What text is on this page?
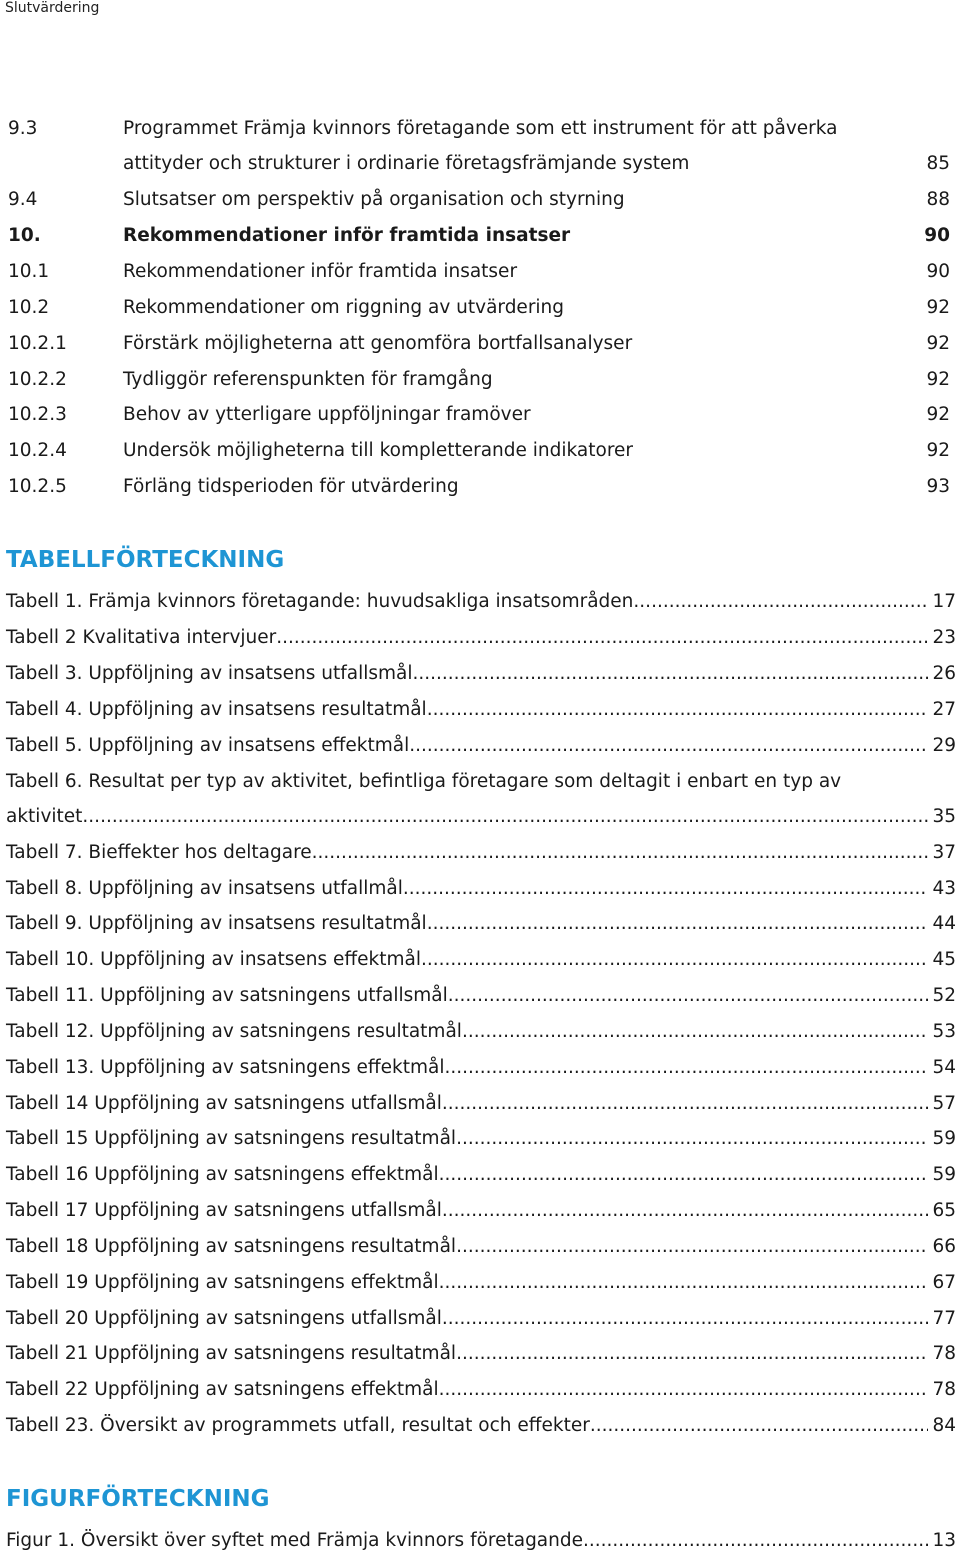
Slutvärdering
9.3	Programmet Främja kvinnors företagande som ett instrument för att påverka
attityder och strukturer i ordinarie företagsfrämjande system	85
9.4	Slutsatser om perspektiv på organisation och styrning	88
10.	Rekommendationer inför framtida insatser	90
10.1	Rekommendationer inför framtida insatser	90
10.2	Rekommendationer om riggning av utvärdering	92
10.2.1	Förstärk möjligheterna att genomföra bortfallsanalyser	92
10.2.2	Tydliggör referenspunkten för framgång	92
10.2.3	Behov av ytterligare uppföljningar framöver	92
10.2.4	Undersök möjligheterna till kompletterande indikatorer	92
10.2.5	Förläng tidsperioden för utvärdering	93
TABELLFÖRTECKNING
Tabell 1. Främja kvinnors företagande: huvudsakliga insatsområden .....	17
Tabell 2 Kvalitativa intervjuer .....	23
Tabell 3. Uppföljning av insatsens utfallsmål .....	26
Tabell 4. Uppföljning av insatsens resultatmål .....	27
Tabell 5. Uppföljning av insatsens effektmål .....	29
Tabell 6. Resultat per typ av aktivitet, befintliga företagare som deltagit i enbart en typ av
aktivitet .....	35
Tabell 7. Bieffekter hos deltagare .....	37
Tabell 8. Uppföljning av insatsens utfallmål .....	43
Tabell 9. Uppföljning av insatsens resultatmål .....	44
Tabell 10. Uppföljning av insatsens effektmål .....	45
Tabell 11. Uppföljning av satsningens utfallsmål .....	52
Tabell 12. Uppföljning av satsningens resultatmål .....	53
Tabell 13. Uppföljning av satsningens effektmål .....	54
Tabell 14 Uppföljning av satsningens utfallsmål .....	57
Tabell 15 Uppföljning av satsningens resultatmål .....	59
Tabell 16 Uppföljning av satsningens effektmål .....	59
Tabell 17 Uppföljning av satsningens utfallsmål .....	65
Tabell 18 Uppföljning av satsningens resultatmål .....	66
Tabell 19 Uppföljning av satsningens effektmål .....	67
Tabell 20 Uppföljning av satsningens utfallsmål .....	77
Tabell 21 Uppföljning av satsningens resultatmål .....	78
Tabell 22 Uppföljning av satsningens effektmål .....	78
Tabell 23. Översikt av programmets utfall, resultat och effekter .....	84
FIGURFÖRTECKNING
Figur 1. Översikt över syftet med Främja kvinnors företagande .....	13
